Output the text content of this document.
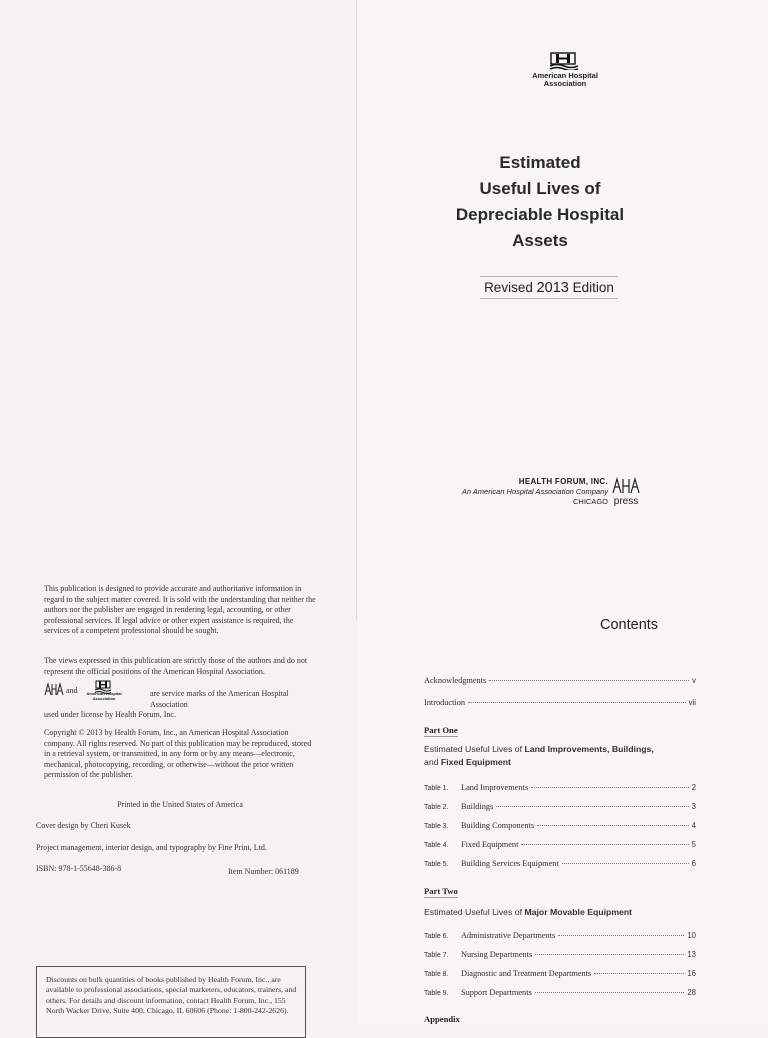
American Hospital
Association
Estimated
Useful Lives of
Depreciable Hospital
Assets
Revised 2013 Edition
HEALTH FORUM, INC.
An American Hospital Association Company
CHICAGO press
This publication is designed to provide accurate and authoritative information in regard to the subject matter covered. It is sold with the understanding that neither the authors nor the publisher are engaged in rendering legal, accounting, or other professional services. If legal advice or other expert assistance is required, the services of a competent professional should be sought.
The views expressed in this publication are strictly those of the authors and do not represent the official positions of the American Hospital Association.
and	American Hospital Association	are service marks of the American Hospital Association
used under license by Health Forum, Inc.
Copyright © 2013 by Health Forum, Inc., an American Hospital Association company. All rights reserved. No part of this publication may be reproduced, stored in a retrieval system, or transmitted, in any form or by any means—electronic, mechanical, photocopying, recording, or otherwise—without the prior written permission of the publisher.
Printed in the United States of America
Cover design by Cheri Kusek
Project management, interior design, and typography by Fine Print, Ltd.
ISBN: 978-1-55648-386-8	Item Number: 061189
Discounts on bulk quantities of books published by Health Forum, Inc., are available to professional associations, special marketers, educators, trainers, and others. For details and discount information, contact Health Forum, Inc., 155 North Wacker Drive, Suite 400, Chicago, IL 60606 (Phone: 1-800-242-2626).
Contents
Acknowledgments	v
Introduction	vii
Part One
Estimated Useful Lives of Land Improvements, Buildings,
and Fixed Equipment
Table 1.	Land Improvements	2
Table 2.	Buildings	3
Table 3.	Building Components	4
Table 4.	Fixed Equipment	5
Table 5.	Building Services Equipment	6
Part Two
Estimated Useful Lives of Major Movable Equipment
Table 6.	Administrative Departments	10
Table 7.	Nursing Departments	13
Table 8.	Diagnostic and Treatment Departments	16
Table 9.	Support Departments	28
Appendix
